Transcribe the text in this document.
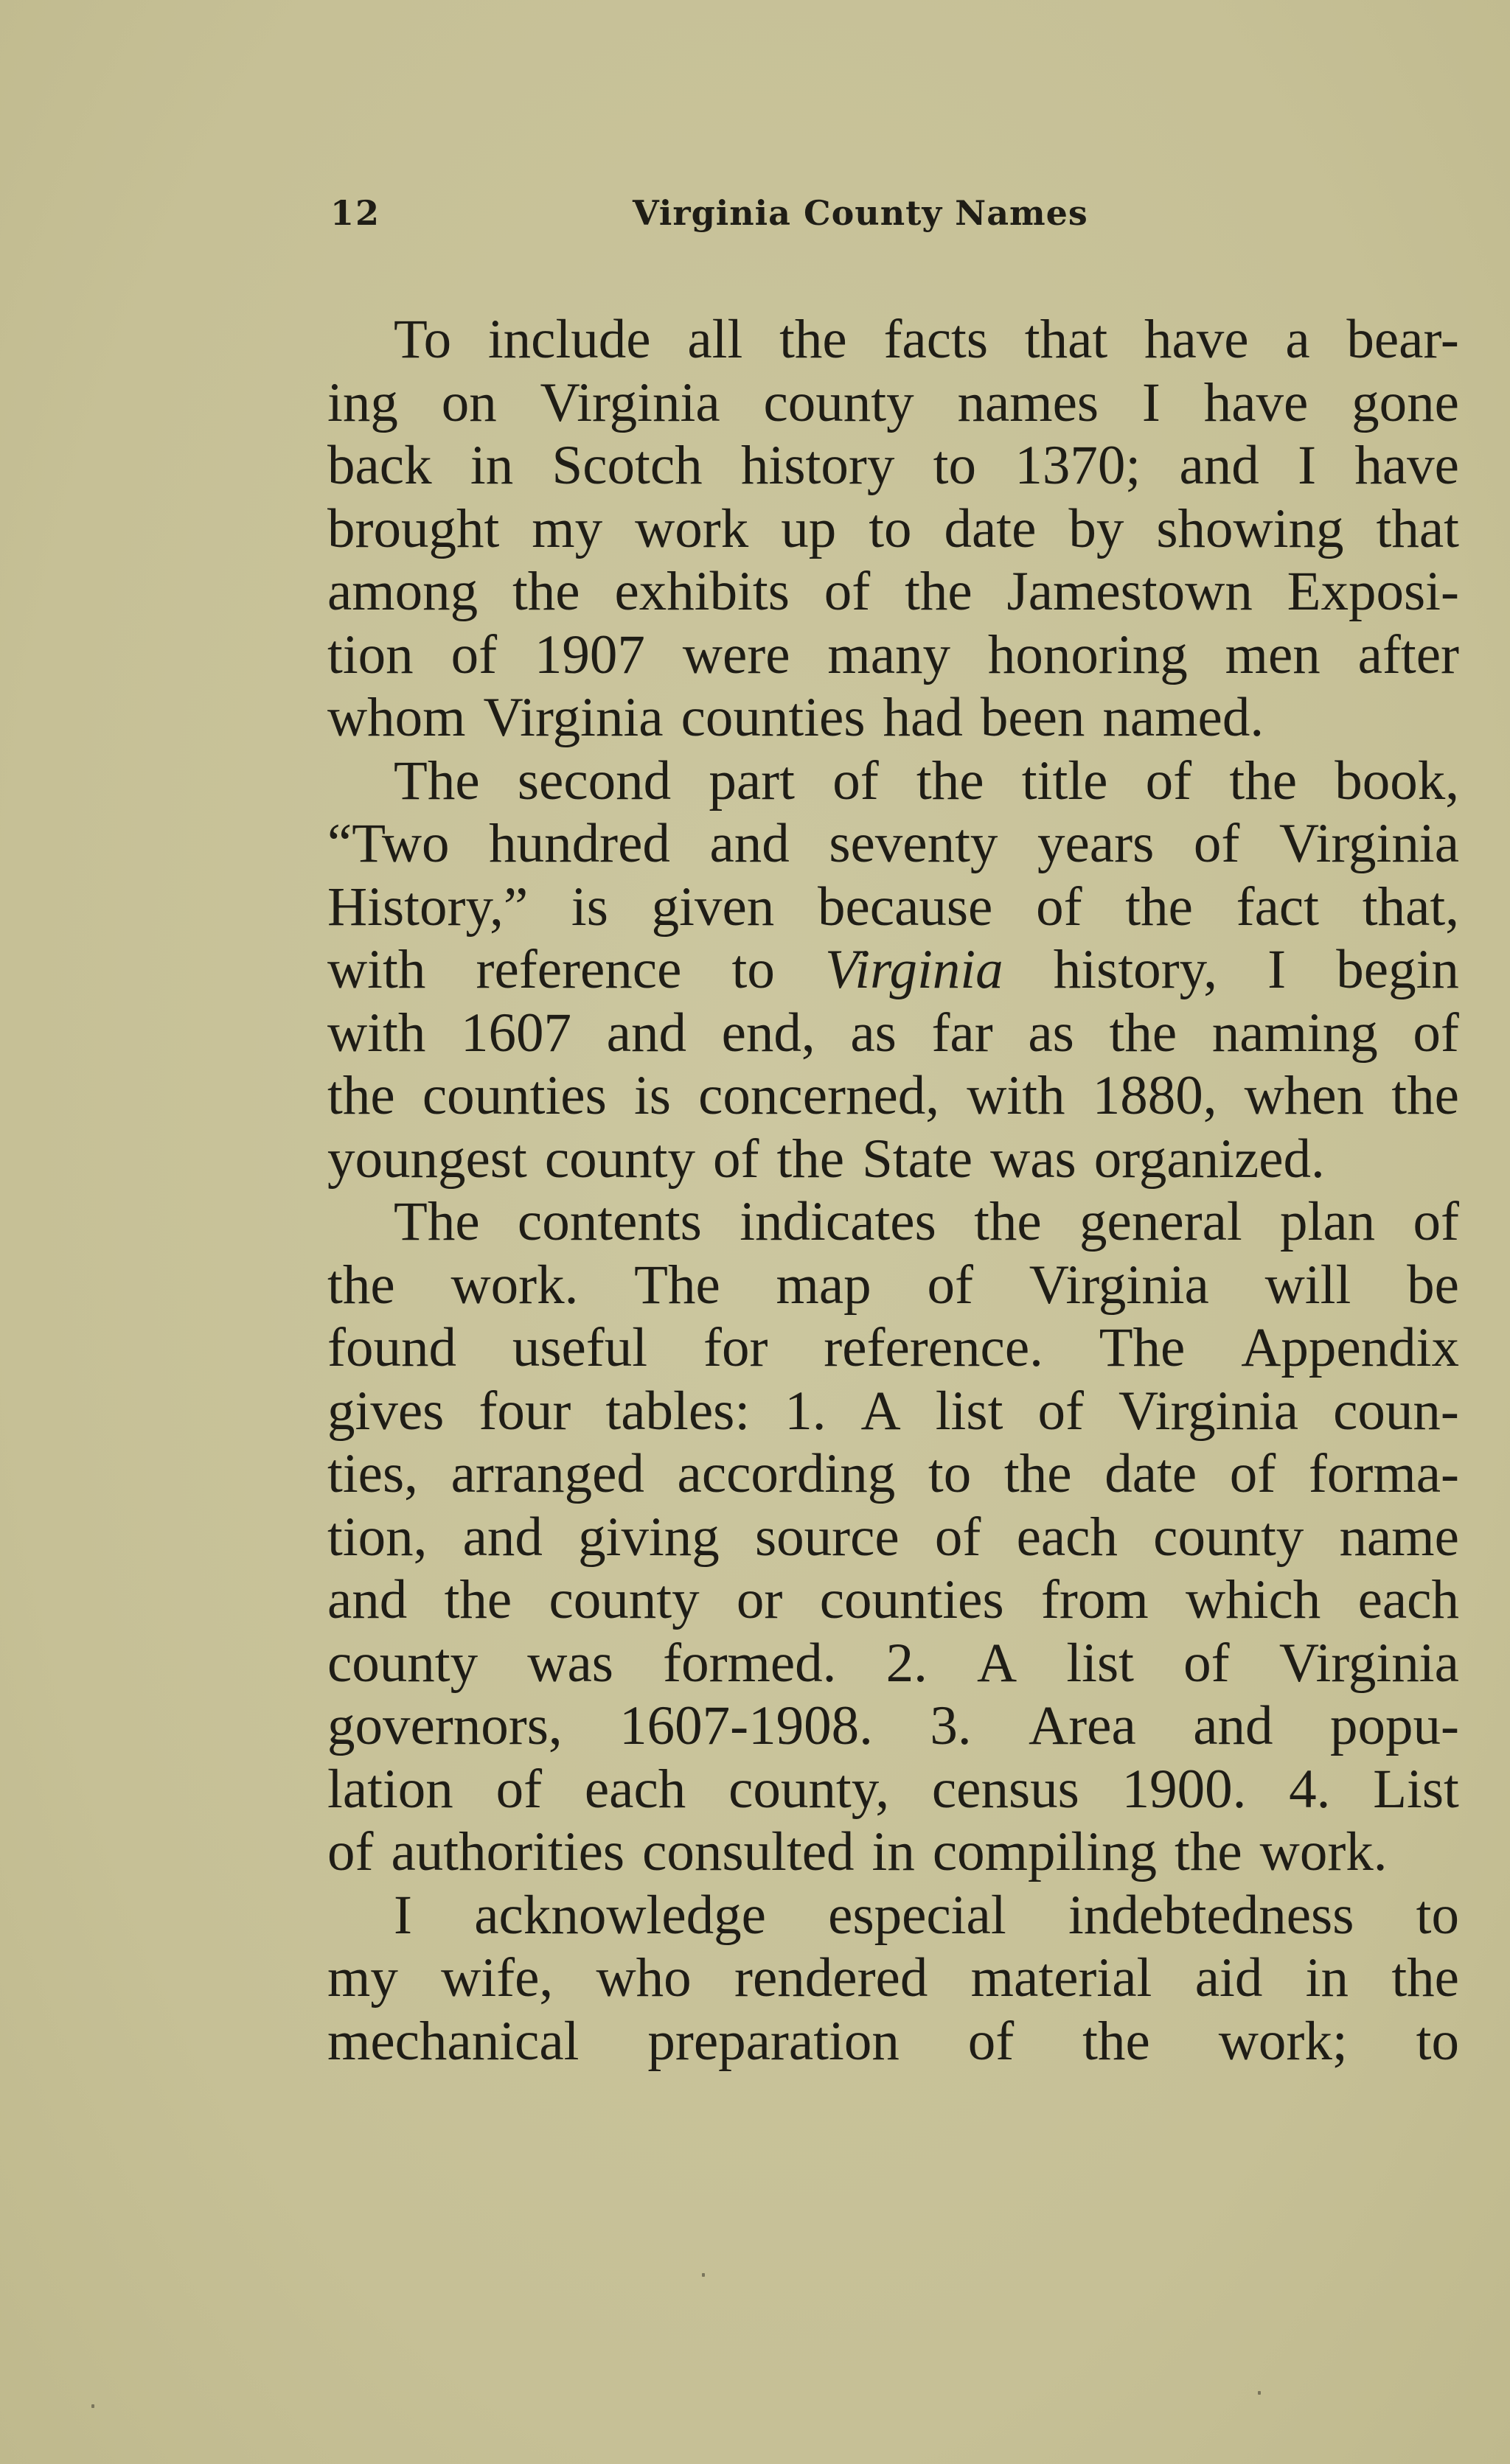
12	Virginia County Names
To include all the facts that have a bear-
ing on Virginia county names I have gone
back in Scotch history to 1370; and I have
brought my work up to date by showing that
among the exhibits of the Jamestown Exposi-
tion of 1907 were many honoring men after
whom Virginia counties had been named.
The second part of the title of the book,
“Two hundred and seventy years of Virginia
History,” is given because of the fact that,
with reference to Virginia history, I begin
with 1607 and end, as far as the naming of
the counties is concerned, with 1880, when the
youngest county of the State was organized.
The contents indicates the general plan of
the work. The map of Virginia will be
found useful for reference. The Appendix
gives four tables: 1. A list of Virginia coun-
ties, arranged according to the date of forma-
tion, and giving source of each county name
and the county or counties from which each
county was formed. 2. A list of Virginia
governors, 1607-1908. 3. Area and popu-
lation of each county, census 1900. 4. List
of authorities consulted in compiling the work.
I acknowledge especial indebtedness to
my wife, who rendered material aid in the
mechanical preparation of the work; to
